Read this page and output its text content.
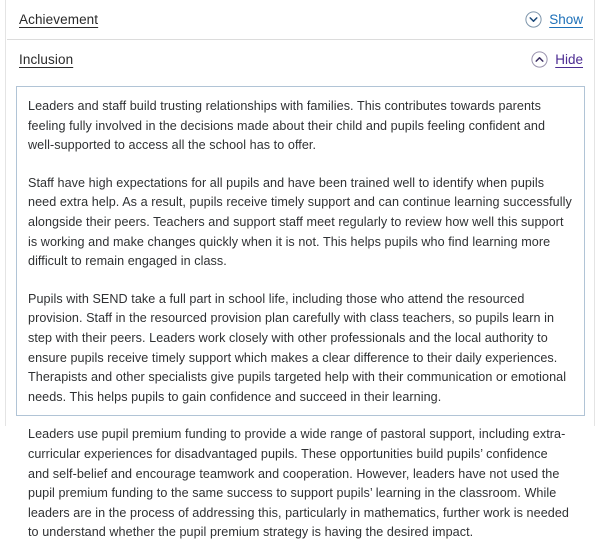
Achievement	Show
Inclusion	Hide

Leaders and staff build trusting relationships with families. This contributes towards parents feeling fully involved in the decisions made about their child and pupils feeling confident and well-supported to access all the school has to offer.

Staff have high expectations for all pupils and have been trained well to identify when pupils need extra help. As a result, pupils receive timely support and can continue learning successfully alongside their peers. Teachers and support staff meet regularly to review how well this support is working and make changes quickly when it is not. This helps pupils who find learning more difficult to remain engaged in class.

Pupils with SEND take a full part in school life, including those who attend the resourced provision. Staff in the resourced provision plan carefully with class teachers, so pupils learn in step with their peers. Leaders work closely with other professionals and the local authority to ensure pupils receive timely support which makes a clear difference to their daily experiences. Therapists and other specialists give pupils targeted help with their communication or emotional needs. This helps pupils to gain confidence and succeed in their learning.

Leaders use pupil premium funding to provide a wide range of pastoral support, including extra-curricular experiences for disadvantaged pupils. These opportunities build pupils’ confidence and self-belief and encourage teamwork and cooperation. However, leaders have not used the pupil premium funding to the same success to support pupils’ learning in the classroom. While leaders are in the process of addressing this, particularly in mathematics, further work is needed to understand whether the pupil premium strategy is having the desired impact.
